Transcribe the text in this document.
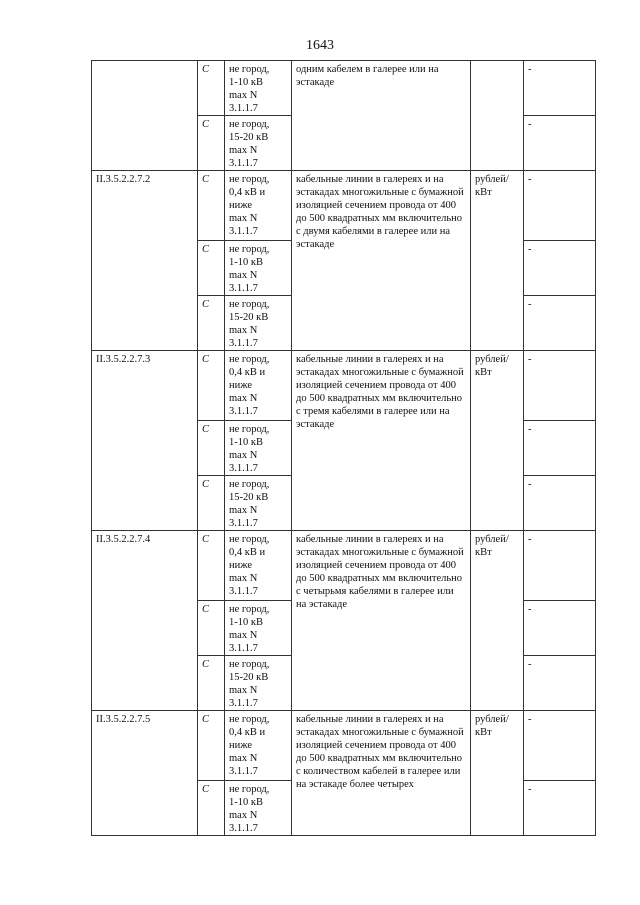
1643
	C	не город,
1-10 кВ
max N
3.1.1.7	одним кабелем в галерее или на эстакаде		-
	C	не город,
15-20 кВ
max N
3.1.1.7			-
II.3.5.2.2.7.2	C	не город,
0,4 кВ и
ниже
max N
3.1.1.7	кабельные линии в галереях и на эстакадах многожильные с бумажной изоляцией сечением провода от 400 до 500 квадратных мм включительно с двумя кабелями в галерее или на эстакаде	рублей/ кВт	-
	C	не город,
1-10 кВ
max N
3.1.1.7			-
	C	не город,
15-20 кВ
max N
3.1.1.7			-
II.3.5.2.2.7.3	C	не город,
0,4 кВ и
ниже
max N
3.1.1.7	кабельные линии в галереях и на эстакадах многожильные с бумажной изоляцией сечением провода от 400 до 500 квадратных мм включительно с тремя кабелями в галерее или на эстакаде	рублей/ кВт	-
	C	не город,
1-10 кВ
max N
3.1.1.7			-
	C	не город,
15-20 кВ
max N
3.1.1.7			-
II.3.5.2.2.7.4	C	не город,
0,4 кВ и
ниже
max N
3.1.1.7	кабельные линии в галереях и на эстакадах многожильные с бумажной изоляцией сечением провода от 400 до 500 квадратных мм включительно с четырьмя кабелями в галерее или на эстакаде	рублей/ кВт	-
	C	не город,
1-10 кВ
max N
3.1.1.7			-
	C	не город,
15-20 кВ
max N
3.1.1.7			-
II.3.5.2.2.7.5	C	не город,
0,4 кВ и
ниже
max N
3.1.1.7	кабельные линии в галереях и на эстакадах многожильные с бумажной изоляцией сечением провода от 400 до 500 квадратных мм включительно с количеством кабелей в галерее или на эстакаде более четырех	рублей/ кВт	-
	C	не город,
1-10 кВ
max N
3.1.1.7			-
